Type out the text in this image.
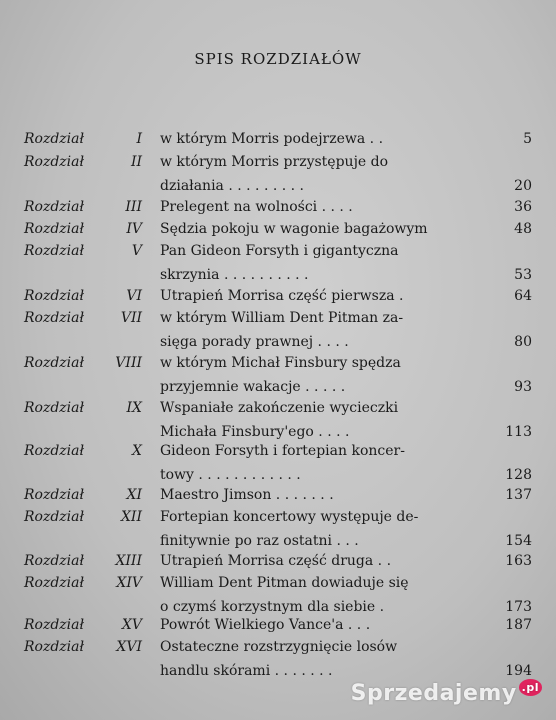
SPIS ROZDZIAŁÓW
Rozdział	I w którym Morris podejrzewa . .	5
Rozdział	II w którym Morris przystępuje do
działania . . . . . . . . .	20
Rozdział	III Prelegent na wolności . . . .	36
Rozdział	IV Sędzia pokoju w wagonie bagażowym	48
Rozdział	V Pan Gideon Forsyth i gigantyczna
skrzynia . . . . . . . . . .	53
Rozdział	VI Utrapień Morrisa część pierwsza .	64
Rozdział	VII w którym William Dent Pitman za-
sięga porady prawnej . . . .	80
Rozdział	VIII w którym Michał Finsbury spędza
przyjemnie wakacje . . . . .	93
Rozdział	IX Wspaniałe zakończenie wycieczki
Michała Finsbury'ego . . . .	113
Rozdział	X Gideon Forsyth i fortepian koncer-
towy . . . . . . . . . . . .	128
Rozdział	XI Maestro Jimson . . . . . . .	137
Rozdział	XII Fortepian koncertowy występuje de-
finitywnie po raz ostatni . . .	154
Rozdział	XIII Utrapień Morrisa część druga . .	163
Rozdział	XIV William Dent Pitman dowiaduje się
o czymś korzystnym dla siebie .	173
Rozdział	XV Powrót Wielkiego Vance'a . . .	187
Rozdział	XVI Ostateczne rozstrzygnięcie losów
handlu skórami . . . . . . .	194
Sprzedajemy $^{.pl}$
